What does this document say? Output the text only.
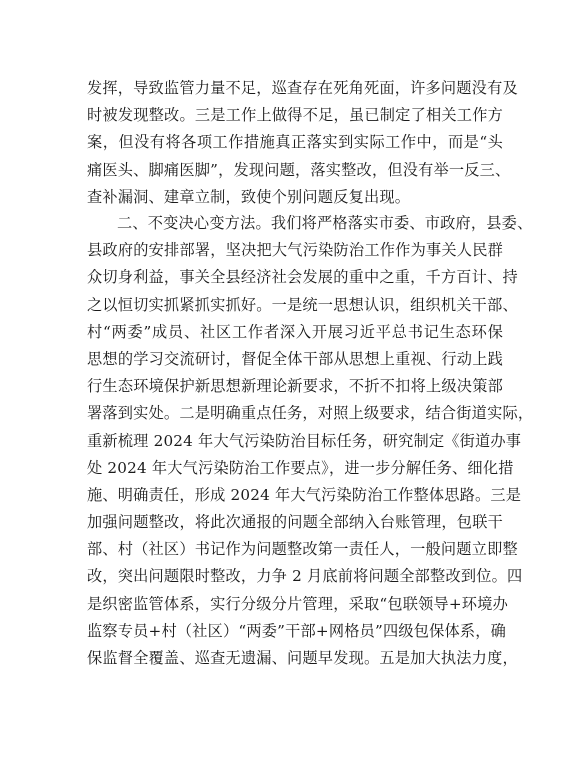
发挥，导致监管力量不足，巡查存在死角死面，许多问题没有及
时被发现整改。三是工作上做得不足，虽已制定了相关工作方
案，但没有将各项工作措施真正落实到实际工作中，而是“头
痛医头、脚痛医脚”，发现问题，落实整改，但没有举一反三、
查补漏洞、建章立制，致使个别问题反复出现。
二、不变决心变方法。我们将严格落实市委、市政府，县委、
县政府的安排部署，坚决把大气污染防治工作作为事关人民群
众切身利益，事关全县经济社会发展的重中之重，千方百计、持
之以恒切实抓紧抓实抓好。一是统一思想认识，组织机关干部、
村“两委”成员、社区工作者深入开展习近平总书记生态环保
思想的学习交流研讨，督促全体干部从思想上重视、行动上践
行生态环境保护新思想新理论新要求，不折不扣将上级决策部
署落到实处。二是明确重点任务，对照上级要求，结合街道实际，
重新梳理 2024 年大气污染防治目标任务，研究制定《街道办事
处 2024 年大气污染防治工作要点》，进一步分解任务、细化措
施、明确责任，形成 2024 年大气污染防治工作整体思路。三是
加强问题整改，将此次通报的问题全部纳入台账管理，包联干
部、村（社区）书记作为问题整改第一责任人，一般问题立即整
改，突出问题限时整改，力争 2 月底前将问题全部整改到位。四
是织密监管体系，实行分级分片管理，采取“包联领导+环境办
监察专员+村（社区）“两委”干部+网格员”四级包保体系，确
保监督全覆盖、巡查无遗漏、问题早发现。五是加大执法力度，
